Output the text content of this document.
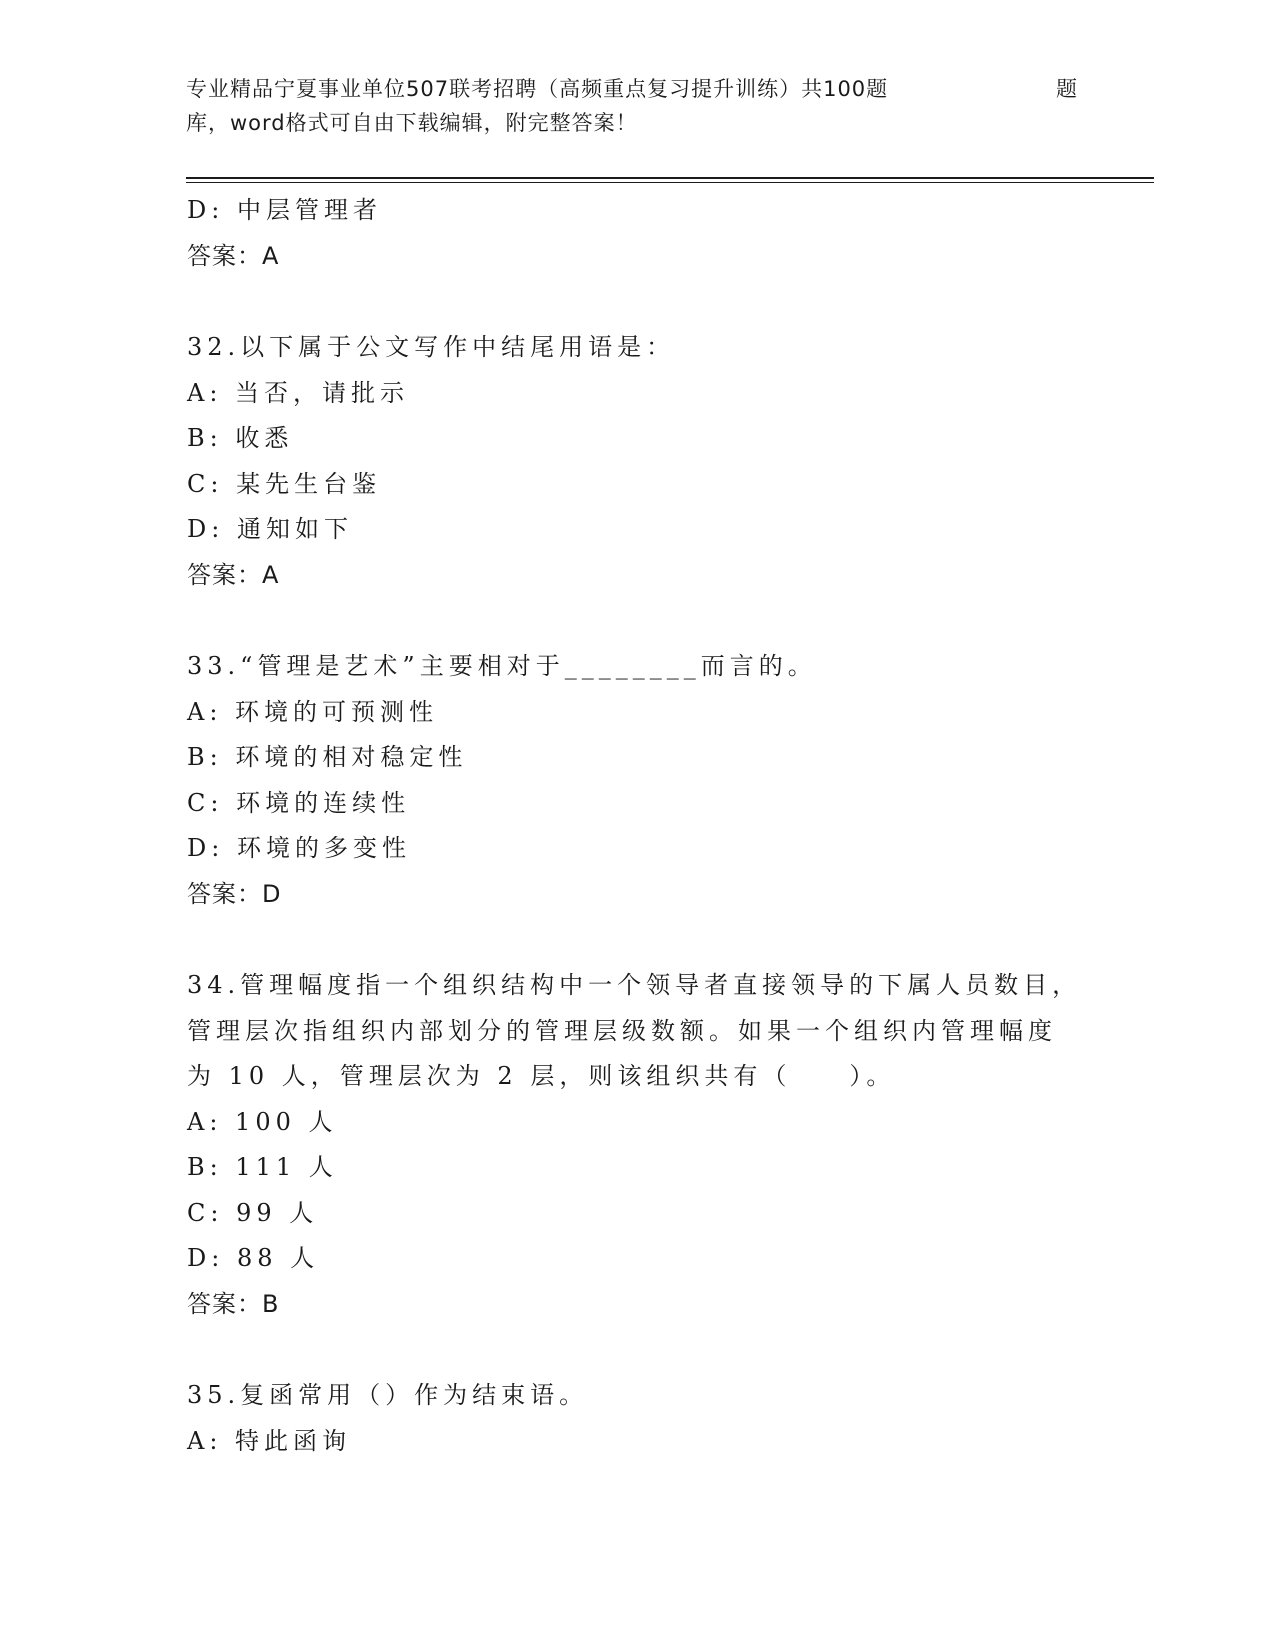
专业精品宁夏事业单位507联考招聘（高频重点复习提升训练）共100题	题
库，word格式可自由下载编辑，附完整答案！
D: 中层管理者
答案：A
32.以下属于公文写作中结尾用语是：
A: 当否，请批示
B: 收悉
C: 某先生台鉴
D: 通知如下
答案：A
33.“管理是艺术”主要相对于________而言的。
A: 环境的可预测性
B: 环境的相对稳定性
C: 环境的连续性
D: 环境的多变性
答案：D
34.管理幅度指一个组织结构中一个领导者直接领导的下属人员数目，
管理层次指组织内部划分的管理层级数额。如果一个组织内管理幅度
为 10 人，管理层次为 2 层，则该组织共有（　　）。
A: 100 人
B: 111 人
C: 99 人
D: 88 人
答案：B
35.复函常用（）作为结束语。
A: 特此函询
